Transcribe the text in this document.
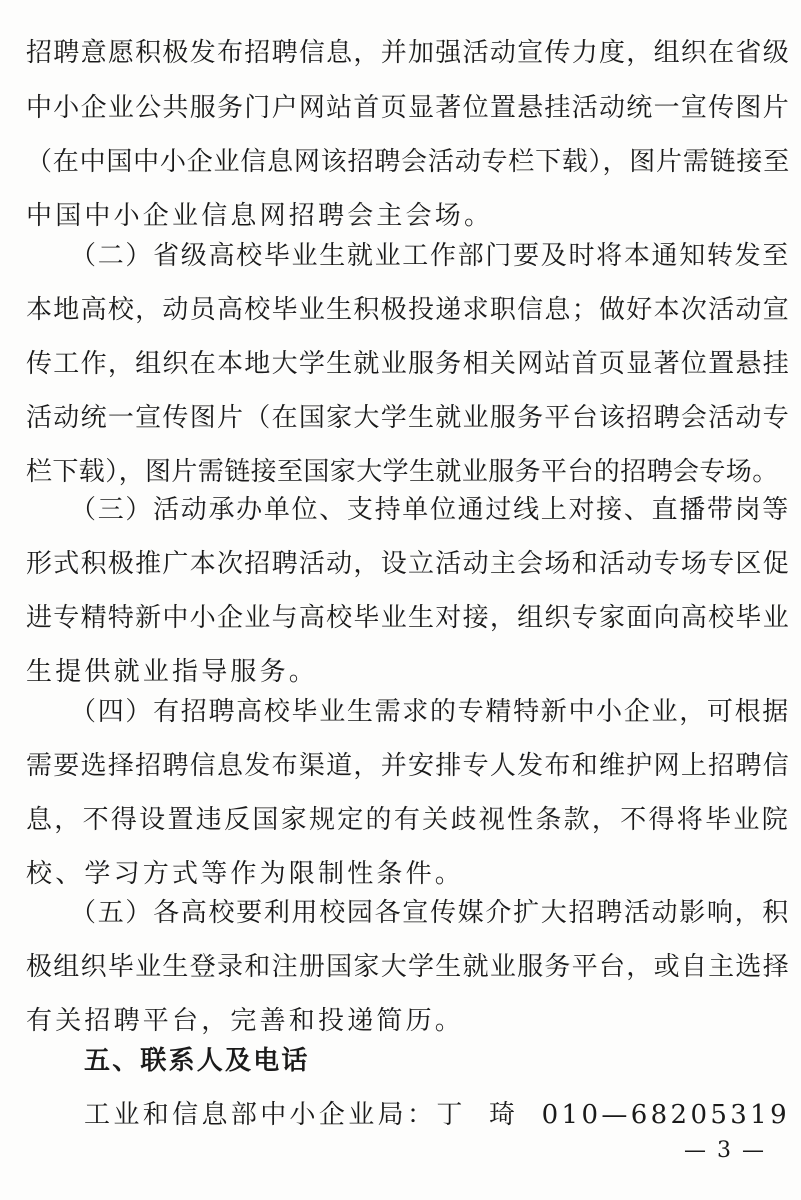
招聘意愿积极发布招聘信息，并加强活动宣传力度，组织在省级
中小企业公共服务门户网站首页显著位置悬挂活动统一宣传图片
（在中国中小企业信息网该招聘会活动专栏下载），图片需链接至
中国中小企业信息网招聘会主会场。
（二）省级高校毕业生就业工作部门要及时将本通知转发至
本地高校，动员高校毕业生积极投递求职信息；做好本次活动宣
传工作，组织在本地大学生就业服务相关网站首页显著位置悬挂
活动统一宣传图片（在国家大学生就业服务平台该招聘会活动专
栏下载），图片需链接至国家大学生就业服务平台的招聘会专场。
（三）活动承办单位、支持单位通过线上对接、直播带岗等
形式积极推广本次招聘活动，设立活动主会场和活动专场专区促
进专精特新中小企业与高校毕业生对接，组织专家面向高校毕业
生提供就业指导服务。
（四）有招聘高校毕业生需求的专精特新中小企业，可根据
需要选择招聘信息发布渠道，并安排专人发布和维护网上招聘信
息，不得设置违反国家规定的有关歧视性条款，不得将毕业院
校、学习方式等作为限制性条件。
（五）各高校要利用校园各宣传媒介扩大招聘活动影响，积
极组织毕业生登录和注册国家大学生就业服务平台，或自主选择
有关招聘平台，完善和投递简历。
五、联系人及电话
工业和信息部中小企业局：丁  琦  010—68205319
— 3 —
